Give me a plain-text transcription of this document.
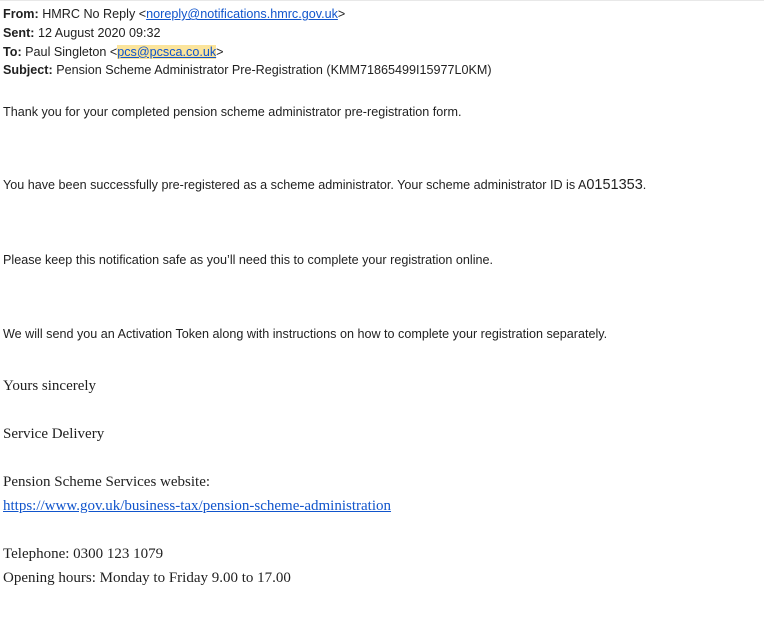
From: HMRC No Reply <noreply@notifications.hmrc.gov.uk>
Sent: 12 August 2020 09:32
To: Paul Singleton <pcs@pcsca.co.uk>
Subject: Pension Scheme Administrator Pre-Registration (KMM71865499I15977L0KM)
Thank you for your completed pension scheme administrator pre-registration form.
You have been successfully pre-registered as a scheme administrator. Your scheme administrator ID is A0151353.
Please keep this notification safe as you’ll need this to complete your registration online.
We will send you an Activation Token along with instructions on how to complete your registration separately.
Yours sincerely
Service Delivery
Pension Scheme Services website:
https://www.gov.uk/business-tax/pension-scheme-administration
Telephone: 0300 123 1079
Opening hours: Monday to Friday 9.00 to 17.00
